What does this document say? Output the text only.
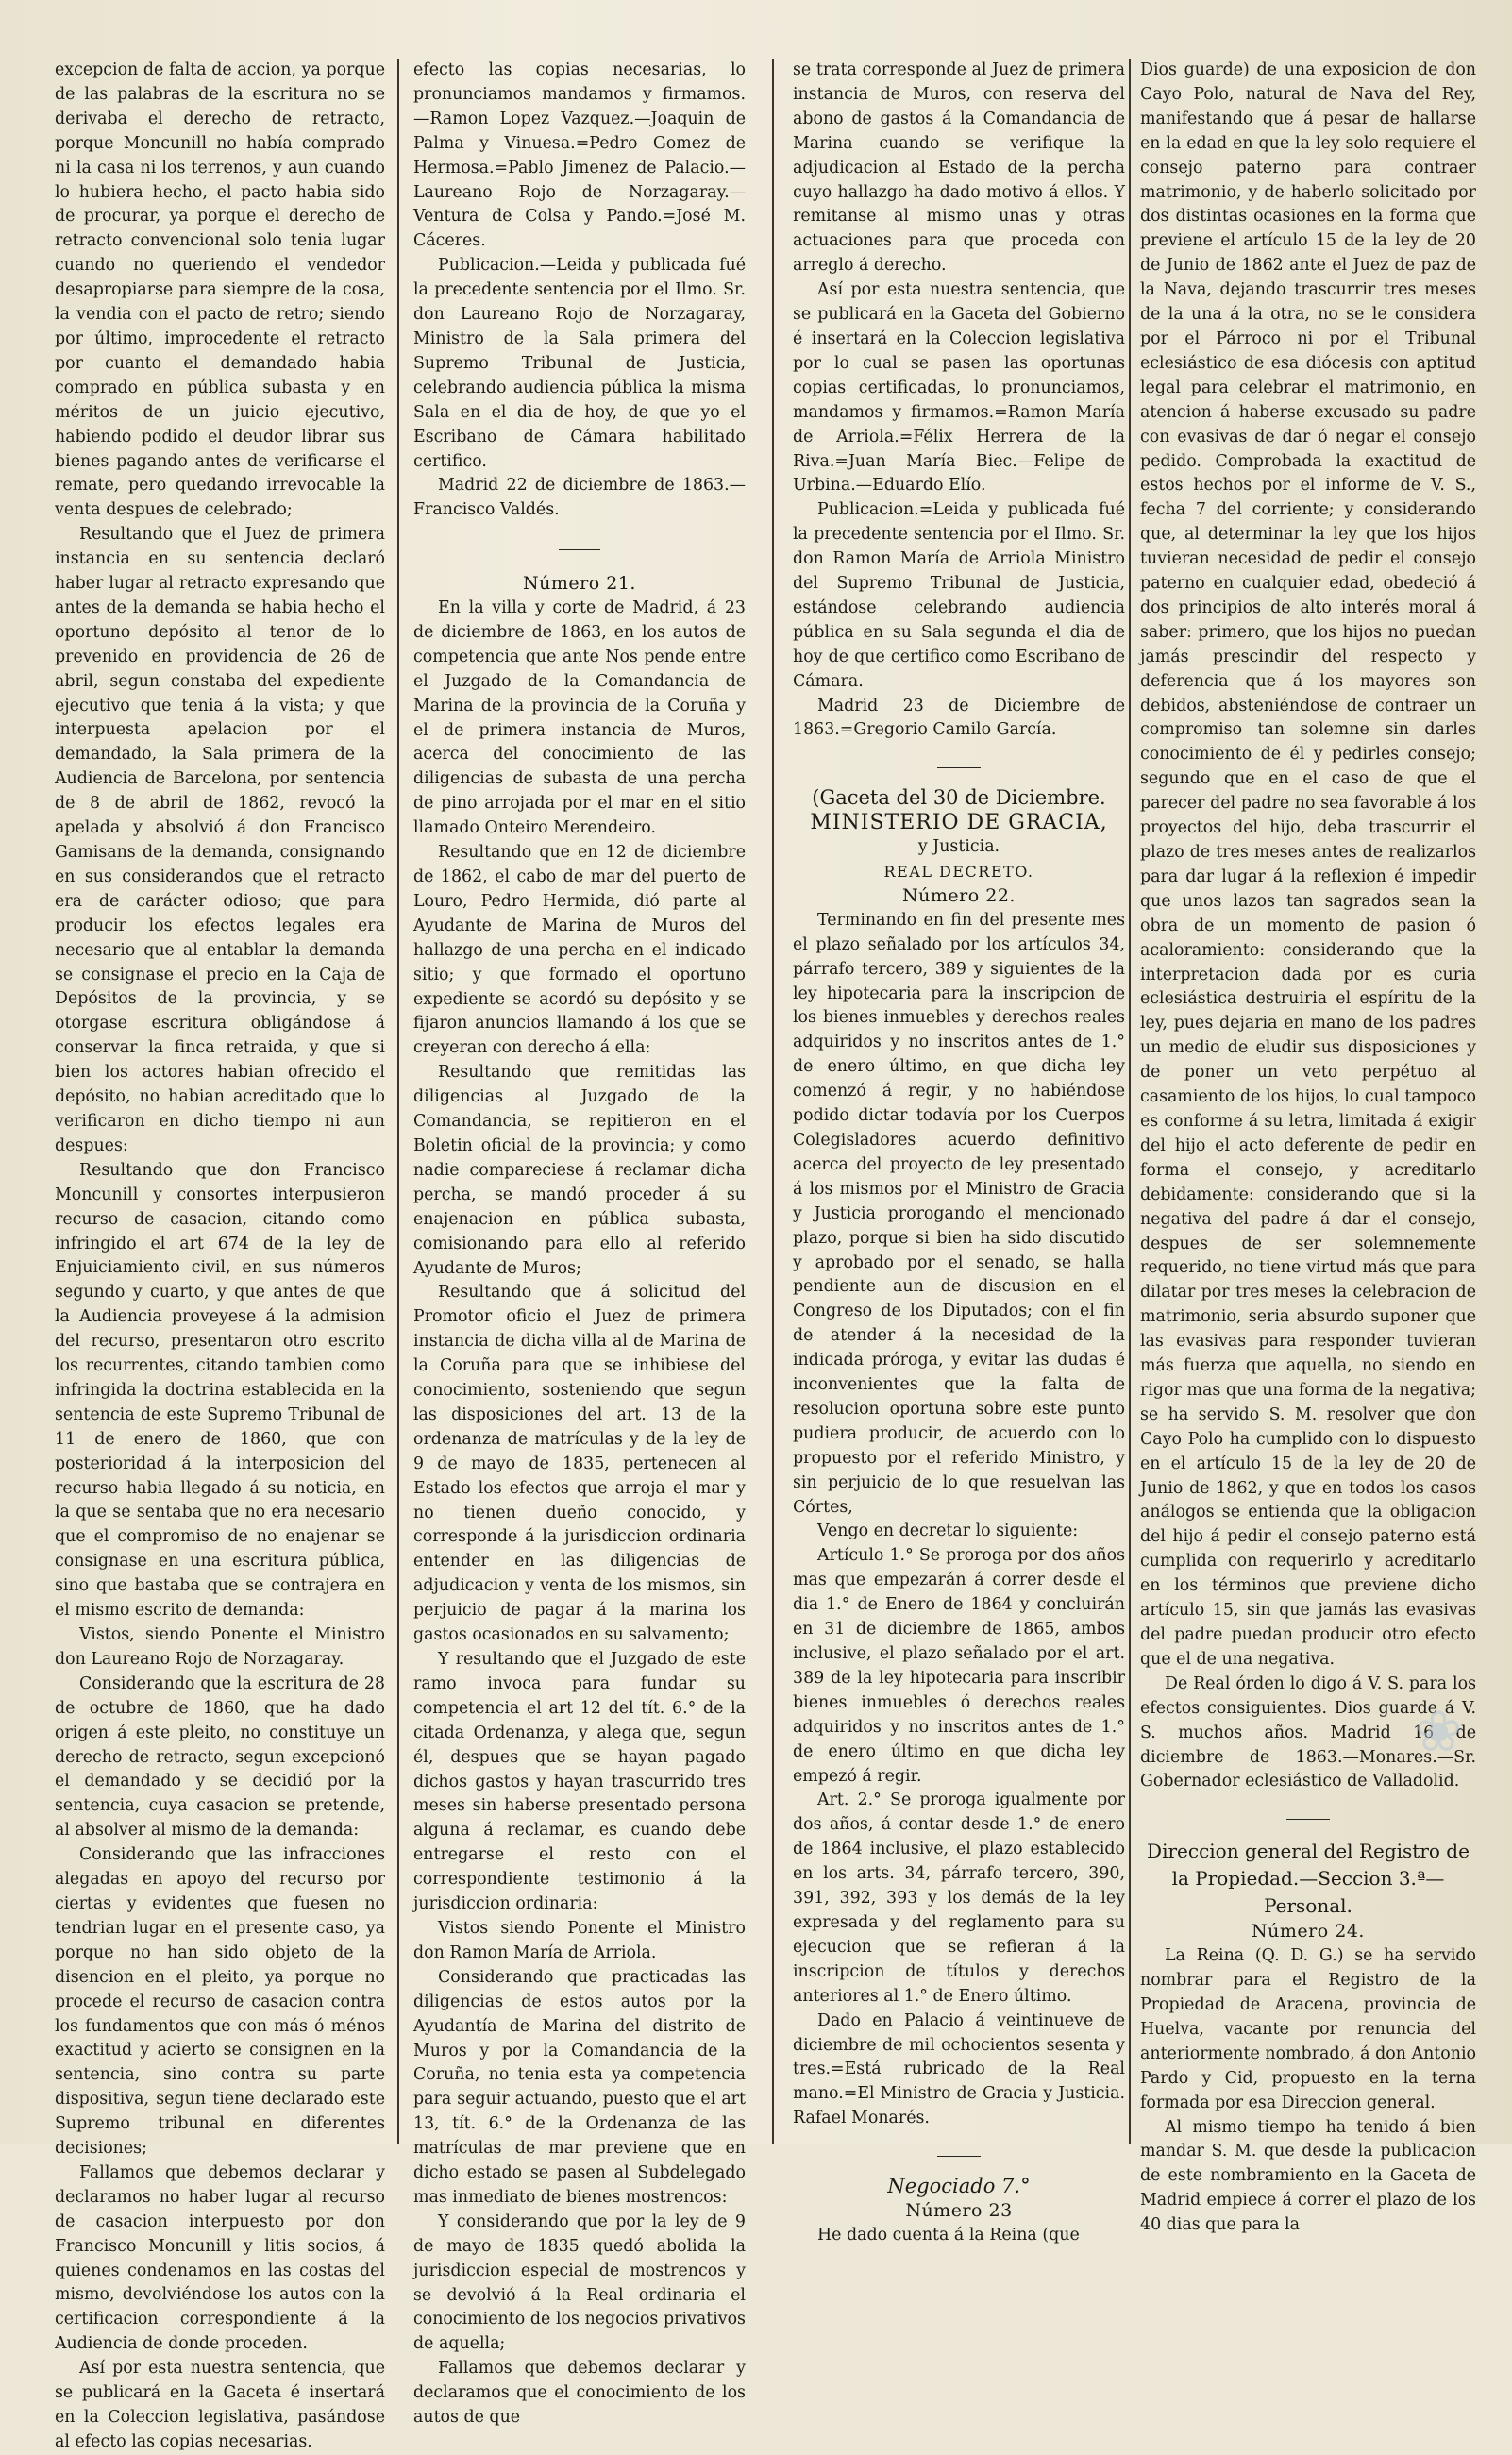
excepcion de falta de accion, ya porque de las palabras de la escritura no se derivaba el derecho de retracto, porque Moncunill no había comprado ni la casa ni los terrenos, y aun cuando lo hubiera hecho, el pacto habia sido de procurar, ya porque el derecho de retracto convencional solo tenia lugar cuando no queriendo el vendedor desapropiarse para siempre de la cosa, la vendia con el pacto de retro; siendo por último, improcedente el retracto por cuanto el demandado habia comprado en pública subasta y en méritos de un juicio ejecutivo, habiendo podido el deudor librar sus bienes pagando antes de verificarse el remate, pero quedando irrevocable la venta despues de celebrado;

Resultando que el Juez de primera instancia en su sentencia declaró haber lugar al retracto expresando que antes de la demanda se habia hecho el oportuno depósito al tenor de lo prevenido en providencia de 26 de abril, segun constaba del expediente ejecutivo que tenia á la vista; y que interpuesta apelacion por el demandado, la Sala primera de la Audiencia de Barcelona, por sentencia de 8 de abril de 1862, revocó la apelada y absolvió á don Francisco Gamisans de la demanda, consignando en sus considerandos que el retracto era de carácter odioso; que para producir los efectos legales era necesario que al entablar la demanda se consignase el precio en la Caja de Depósitos de la provincia, y se otorgase escritura obligándose á conservar la finca retraida, y que si bien los actores habian ofrecido el depósito, no habian acreditado que lo verificaron en dicho tiempo ni aun despues:

Resultando que don Francisco Moncunill y consortes interpusieron recurso de casacion, citando como infringido el art 674 de la ley de Enjuiciamiento civil, en sus números segundo y cuarto, y que antes de que la Audiencia proveyese á la admision del recurso, presentaron otro escrito los recurrentes, citando tambien como infringida la doctrina establecida en la sentencia de este Supremo Tribunal de 11 de enero de 1860, que con posterioridad á la interposicion del recurso habia llegado á su noticia, en la que se sentaba que no era necesario que el compromiso de no enajenar se consignase en una escritura pública, sino que bastaba que se contrajera en el mismo escrito de demanda:

Vistos, siendo Ponente el Ministro don Laureano Rojo de Norzagaray.

Considerando que la escritura de 28 de octubre de 1860, que ha dado origen á este pleito, no constituye un derecho de retracto, segun excepcionó el demandado y se decidió por la sentencia, cuya casacion se pretende, al absolver al mismo de la demanda:

Considerando que las infracciones alegadas en apoyo del recurso por ciertas y evidentes que fuesen no tendrian lugar en el presente caso, ya porque no han sido objeto de la disencion en el pleito, ya porque no procede el recurso de casacion contra los fundamentos que con más ó ménos exactitud y acierto se consignen en la sentencia, sino contra su parte dispositiva, segun tiene declarado este Supremo tribunal en diferentes decisiones;

Fallamos que debemos declarar y declaramos no haber lugar al recurso de casacion interpuesto por don Francisco Moncunill y litis socios, á quienes condenamos en las costas del mismo, devolviéndose los autos con la certificacion correspondiente á la Audiencia de donde proceden.

Así por esta nuestra sentencia, que se publicará en la Gaceta é insertará en la Coleccion legislativa, pasándose al efecto las copias necesarias.

efecto las copias necesarias, lo pronunciamos mandamos y firmamos.—Ramon Lopez Vazquez.—Joaquin de Palma y Vinuesa.=Pedro Gomez de Hermosa.=Pablo Jimenez de Palacio.—Laureano Rojo de Norzagaray.—Ventura de Colsa y Pando.=José M. Cáceres.

Publicacion.—Leida y publicada fué la precedente sentencia por el Ilmo. Sr. don Laureano Rojo de Norzagaray, Ministro de la Sala primera del Supremo Tribunal de Justicia, celebrando audiencia pública la misma Sala en el dia de hoy, de que yo el Escribano de Cámara habilitado certifico.

Madrid 22 de diciembre de 1863.—Francisco Valdés.

Número 21.

En la villa y corte de Madrid, á 23 de diciembre de 1863, en los autos de competencia que ante Nos pende entre el Juzgado de la Comandancia de Marina de la provincia de la Coruña y el de primera instancia de Muros, acerca del conocimiento de las diligencias de subasta de una percha de pino arrojada por el mar en el sitio llamado Onteiro Merendeiro.

Resultando que en 12 de diciembre de 1862, el cabo de mar del puerto de Louro, Pedro Hermida, dió parte al Ayudante de Marina de Muros del hallazgo de una percha en el indicado sitio; y que formado el oportuno expediente se acordó su depósito y se fijaron anuncios llamando á los que se creyeran con derecho á ella:

Resultando que remitidas las diligencias al Juzgado de la Comandancia, se repitieron en el Boletin oficial de la provincia; y como nadie compareciese á reclamar dicha percha, se mandó proceder á su enajenacion en pública subasta, comisionando para ello al referido Ayudante de Muros;

Resultando que á solicitud del Promotor oficio el Juez de primera instancia de dicha villa al de Marina de la Coruña para que se inhibiese del conocimiento, sosteniendo que segun las disposiciones del art. 13 de la ordenanza de matrículas y de la ley de 9 de mayo de 1835, pertenecen al Estado los efectos que arroja el mar y no tienen dueño conocido, y corresponde á la jurisdiccion ordinaria entender en las diligencias de adjudicacion y venta de los mismos, sin perjuicio de pagar á la marina los gastos ocasionados en su salvamento;

Y resultando que el Juzgado de este ramo invoca para fundar su competencia el art 12 del tít. 6.° de la citada Ordenanza, y alega que, segun él, despues que se hayan pagado dichos gastos y hayan trascurrido tres meses sin haberse presentado persona alguna á reclamar, es cuando debe entregarse el resto con el correspondiente testimonio á la jurisdiccion ordinaria:

Vistos siendo Ponente el Ministro don Ramon María de Arriola.

Considerando que practicadas las diligencias de estos autos por la Ayudantía de Marina del distrito de Muros y por la Comandancia de la Coruña, no tenia esta ya competencia para seguir actuando, puesto que el art 13, tít. 6.° de la Ordenanza de las matrículas de mar previene que en dicho estado se pasen al Subdelegado mas inmediato de bienes mostrencos:

Y considerando que por la ley de 9 de mayo de 1835 quedó abolida la jurisdiccion especial de mostrencos y se devolvió á la Real ordinaria el conocimiento de los negocios privativos de aquella;

Fallamos que debemos declarar y declaramos que el conocimiento de los autos de que

se trata corresponde al Juez de primera instancia de Muros, con reserva del abono de gastos á la Comandancia de Marina cuando se verifique la adjudicacion al Estado de la percha cuyo hallazgo ha dado motivo á ellos. Y remitanse al mismo unas y otras actuaciones para que proceda con arreglo á derecho.

Así por esta nuestra sentencia, que se publicará en la Gaceta del Gobierno é insertará en la Coleccion legislativa por lo cual se pasen las oportunas copias certificadas, lo pronunciamos, mandamos y firmamos.=Ramon María de Arriola.=Félix Herrera de la Riva.=Juan María Biec.—Felipe de Urbina.—Eduardo Elío.

Publicacion.=Leida y publicada fué la precedente sentencia por el Ilmo. Sr. don Ramon María de Arriola Ministro del Supremo Tribunal de Justicia, estándose celebrando audiencia pública en su Sala segunda el dia de hoy de que certifico como Escribano de Cámara.

Madrid 23 de Diciembre de 1863.=Gregorio Camilo García.

(Gaceta del 30 de Diciembre.

MINISTERIO DE GRACIA,

y Justicia.

REAL DECRETO.

Número 22.

Terminando en fin del presente mes el plazo señalado por los artículos 34, párrafo tercero, 389 y siguientes de la ley hipotecaria para la inscripcion de los bienes inmuebles y derechos reales adquiridos y no inscritos antes de 1.° de enero último, en que dicha ley comenzó á regir, y no habiéndose podido dictar todavía por los Cuerpos Colegisladores acuerdo definitivo acerca del proyecto de ley presentado á los mismos por el Ministro de Gracia y Justicia prorogando el mencionado plazo, porque si bien ha sido discutido y aprobado por el senado, se halla pendiente aun de discusion en el Congreso de los Diputados; con el fin de atender á la necesidad de la indicada próroga, y evitar las dudas é inconvenientes que la falta de resolucion oportuna sobre este punto pudiera producir, de acuerdo con lo propuesto por el referido Ministro, y sin perjuicio de lo que resuelvan las Córtes,

Vengo en decretar lo siguiente:

Artículo 1.° Se proroga por dos años mas que empezarán á correr desde el dia 1.° de Enero de 1864 y concluirán en 31 de diciembre de 1865, ambos inclusive, el plazo señalado por el art. 389 de la ley hipotecaria para inscribir bienes inmuebles ó derechos reales adquiridos y no inscritos antes de 1.° de enero último en que dicha ley empezó á regir.

Art. 2.° Se proroga igualmente por dos años, á contar desde 1.° de enero de 1864 inclusive, el plazo establecido en los arts. 34, párrafo tercero, 390, 391, 392, 393 y los demás de la ley expresada y del reglamento para su ejecucion que se refieran á la inscripcion de títulos y derechos anteriores al 1.° de Enero último.

Dado en Palacio á veintinueve de diciembre de mil ochocientos sesenta y tres.=Está rubricado de la Real mano.=El Ministro de Gracia y Justicia. Rafael Monarés.

Negociado 7.°

Número 23

He dado cuenta á la Reina (que

Dios guarde) de una exposicion de don Cayo Polo, natural de Nava del Rey, manifestando que á pesar de hallarse en la edad en que la ley solo requiere el consejo paterno para contraer matrimonio, y de haberlo solicitado por dos distintas ocasiones en la forma que previene el artículo 15 de la ley de 20 de Junio de 1862 ante el Juez de paz de la Nava, dejando trascurrir tres meses de la una á la otra, no se le considera por el Párroco ni por el Tribunal eclesiástico de esa diócesis con aptitud legal para celebrar el matrimonio, en atencion á haberse excusado su padre con evasivas de dar ó negar el consejo pedido. Comprobada la exactitud de estos hechos por el informe de V. S., fecha 7 del corriente; y considerando que, al determinar la ley que los hijos tuvieran necesidad de pedir el consejo paterno en cualquier edad, obedeció á dos principios de alto interés moral á saber: primero, que los hijos no puedan jamás prescindir del respecto y deferencia que á los mayores son debidos, absteniéndose de contraer un compromiso tan solemne sin darles conocimiento de él y pedirles consejo; segundo que en el caso de que el parecer del padre no sea favorable á los proyectos del hijo, deba trascurrir el plazo de tres meses antes de realizarlos para dar lugar á la reflexion é impedir que unos lazos tan sagrados sean la obra de un momento de pasion ó acaloramiento: considerando que la interpretacion dada por es curia eclesiástica destruiria el espíritu de la ley, pues dejaria en mano de los padres un medio de eludir sus disposiciones y de poner un veto perpétuo al casamiento de los hijos, lo cual tampoco es conforme á su letra, limitada á exigir del hijo el acto deferente de pedir en forma el consejo, y acreditarlo debidamente: considerando que si la negativa del padre á dar el consejo, despues de ser solemnemente requerido, no tiene virtud más que para dilatar por tres meses la celebracion de matrimonio, seria absurdo suponer que las evasivas para responder tuvieran más fuerza que aquella, no siendo en rigor mas que una forma de la negativa; se ha servido S. M. resolver que don Cayo Polo ha cumplido con lo dispuesto en el artículo 15 de la ley de 20 de Junio de 1862, y que en todos los casos análogos se entienda que la obligacion del hijo á pedir el consejo paterno está cumplida con requerirlo y acreditarlo en los términos que previene dicho artículo 15, sin que jamás las evasivas del padre puedan producir otro efecto que el de una negativa.

De Real órden lo digo á V. S. para los efectos consiguientes. Dios guarde á V. S. muchos años. Madrid 16 de diciembre de 1863.—Monares.—Sr. Gobernador eclesiástico de Valladolid.

Direccion general del Registro de la Propiedad.—Seccion 3.ª—Personal.

Número 24.

La Reina (Q. D. G.) se ha servido nombrar para el Registro de la Propiedad de Aracena, provincia de Huelva, vacante por renuncia del anteriormente nombrado, á don Antonio Pardo y Cid, propuesto en la terna formada por esa Direccion general.

Al mismo tiempo ha tenido á bien mandar S. M. que desde la publicacion de este nombramiento en la Gaceta de Madrid empiece á correr el plazo de los 40 dias que para la

❀
